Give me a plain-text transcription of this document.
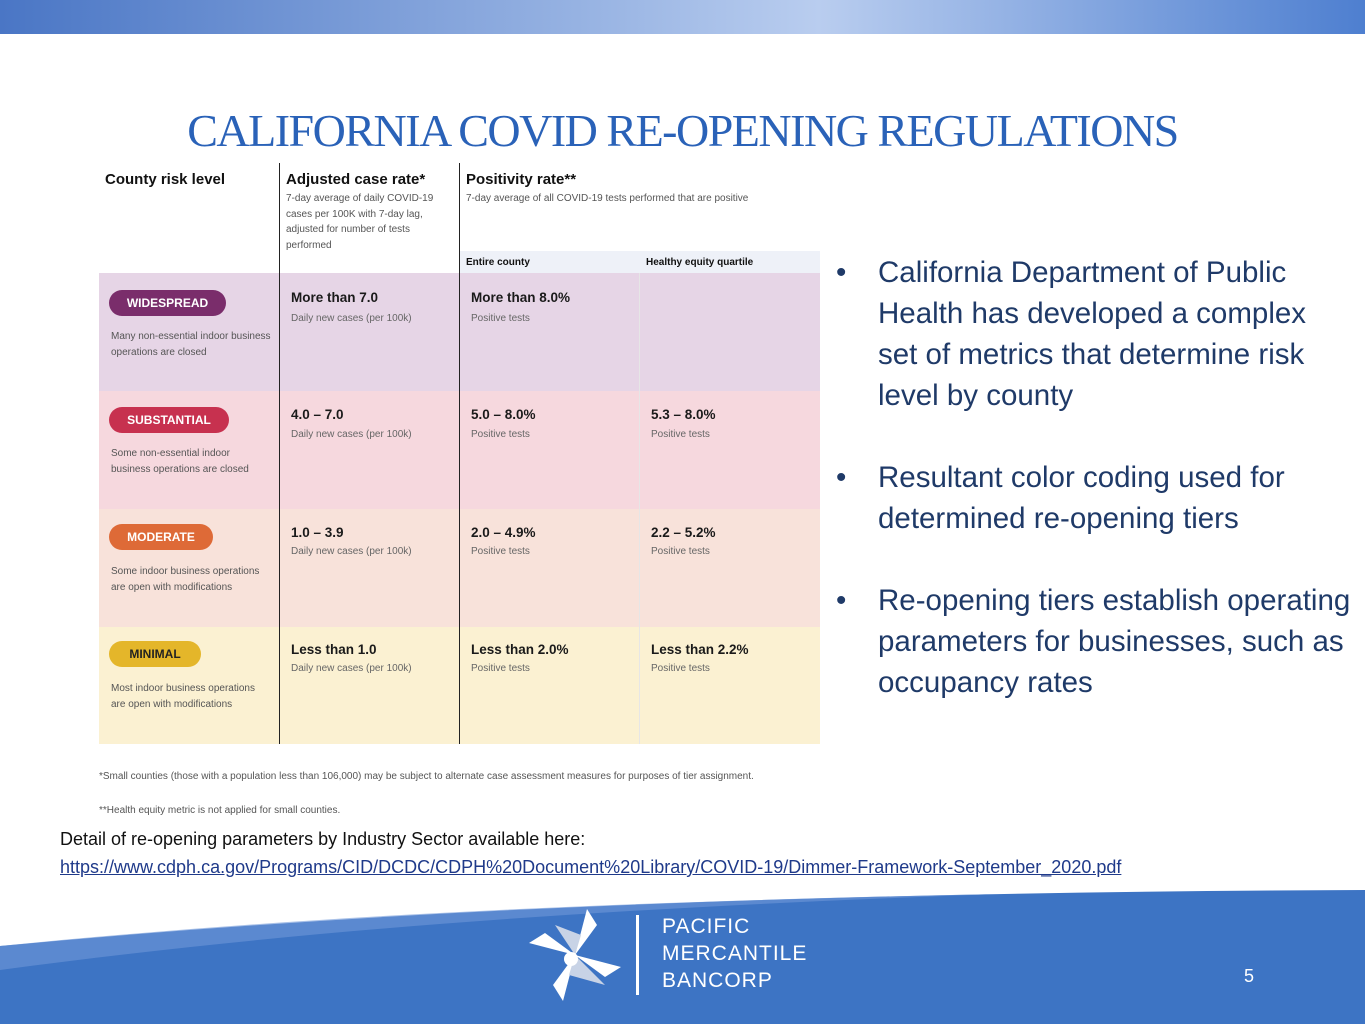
CALIFORNIA COVID RE-OPENING REGULATIONS
County risk level	Adjusted case rate*
7-day average of daily COVID-19 cases per 100K with 7-day lag, adjusted for number of tests performed
Positivity rate**
7-day average of all COVID-19 tests performed that are positive
Entire county	Healthy equity quartile
WIDESPREAD
Many non-essential indoor business operations are closed
More than 7.0
Daily new cases (per 100k)
More than 8.0%
Positive tests
SUBSTANTIAL
Some non-essential indoor business operations are closed
4.0 – 7.0
Daily new cases (per 100k)
5.0 – 8.0%
Positive tests
5.3 – 8.0%
Positive tests
MODERATE
Some indoor business operations are open with modifications
1.0 – 3.9
Daily new cases (per 100k)
2.0 – 4.9%
Positive tests
2.2 – 5.2%
Positive tests
MINIMAL
Most indoor business operations are open with modifications
Less than 1.0
Daily new cases (per 100k)
Less than 2.0%
Positive tests
Less than 2.2%
Positive tests
*Small counties (those with a population less than 106,000) may be subject to alternate case assessment measures for purposes of tier assignment.
**Health equity metric is not applied for small counties.
• California Department of Public Health has developed a complex set of metrics that determine risk level by county
• Resultant color coding used for determined re-opening tiers
• Re-opening tiers establish operating parameters for businesses, such as occupancy rates
Detail of re-opening parameters by Industry Sector available here:
https://www.cdph.ca.gov/Programs/CID/DCDC/CDPH%20Document%20Library/COVID-19/Dimmer-Framework-September_2020.pdf
PACIFIC
MERCANTILE
BANCORP	5
